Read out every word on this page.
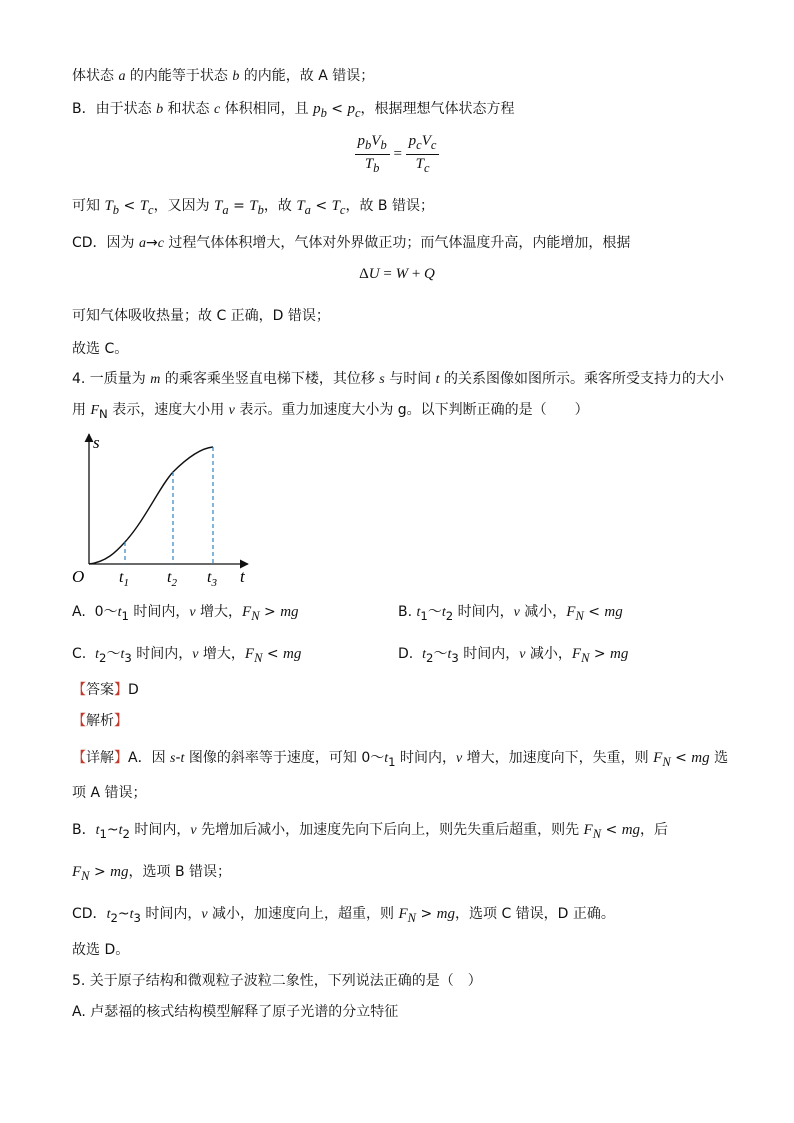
体状态 a 的内能等于状态 b 的内能，故 A 错误；
B．由于状态 b 和状态 c 体积相同，且 $p_b < p_c$，根据理想气体状态方程
$\frac{p_bV_b}{T_b} = \frac{p_cV_c}{T_c}$
可知 $T_b < T_c$，又因为 $T_a = T_b$，故 $T_a < T_c$，故 B 错误；
CD．因为 a→c 过程气体体积增大，气体对外界做正功；而气体温度升高，内能增加，根据
ΔU = W + Q
可知气体吸收热量；故 C 正确，D 错误；
故选 C。
4. 一质量为 m 的乘客乘坐竖直电梯下楼，其位移 s 与时间 t 的关系图像如图所示。乘客所受支持力的大小
用 $F_N$ 表示，速度大小用 v 表示。重力加速度大小为 g。以下判断正确的是（　　）
s
O $t_1$ $t_2$ $t_3$ t
A.  $0\sim t_1$ 时间内，v 增大，$F_N$ > mg	B. $t_1\sim t_2$ 时间内，v 减小，$F_N$ < mg
C.  $t_2\sim t_3$ 时间内，v 增大，$F_N$ < mg	D.  $t_2\sim t_3$ 时间内，v 减小，$F_N$ > mg
【答案】D
【解析】
【详解】A．因 s-t 图像的斜率等于速度，可知 $0\sim t_1$ 时间内，v 增大，加速度向下，失重，则 $F_N$ < mg 选
项 A 错误；
B．$t_1\sim t_2$ 时间内，v 先增加后减小，加速度先向下后向上，则先失重后超重，则先 $F_N$ < mg，后
$F_N$ > mg，选项 B 错误；
CD．$t_2\sim t_3$ 时间内，v 减小，加速度向上，超重，则 $F_N$ > mg，选项 C 错误，D 正确。
故选 D。
5. 关于原子结构和微观粒子波粒二象性，下列说法正确的是（　）
A. 卢瑟福的核式结构模型解释了原子光谱的分立特征
